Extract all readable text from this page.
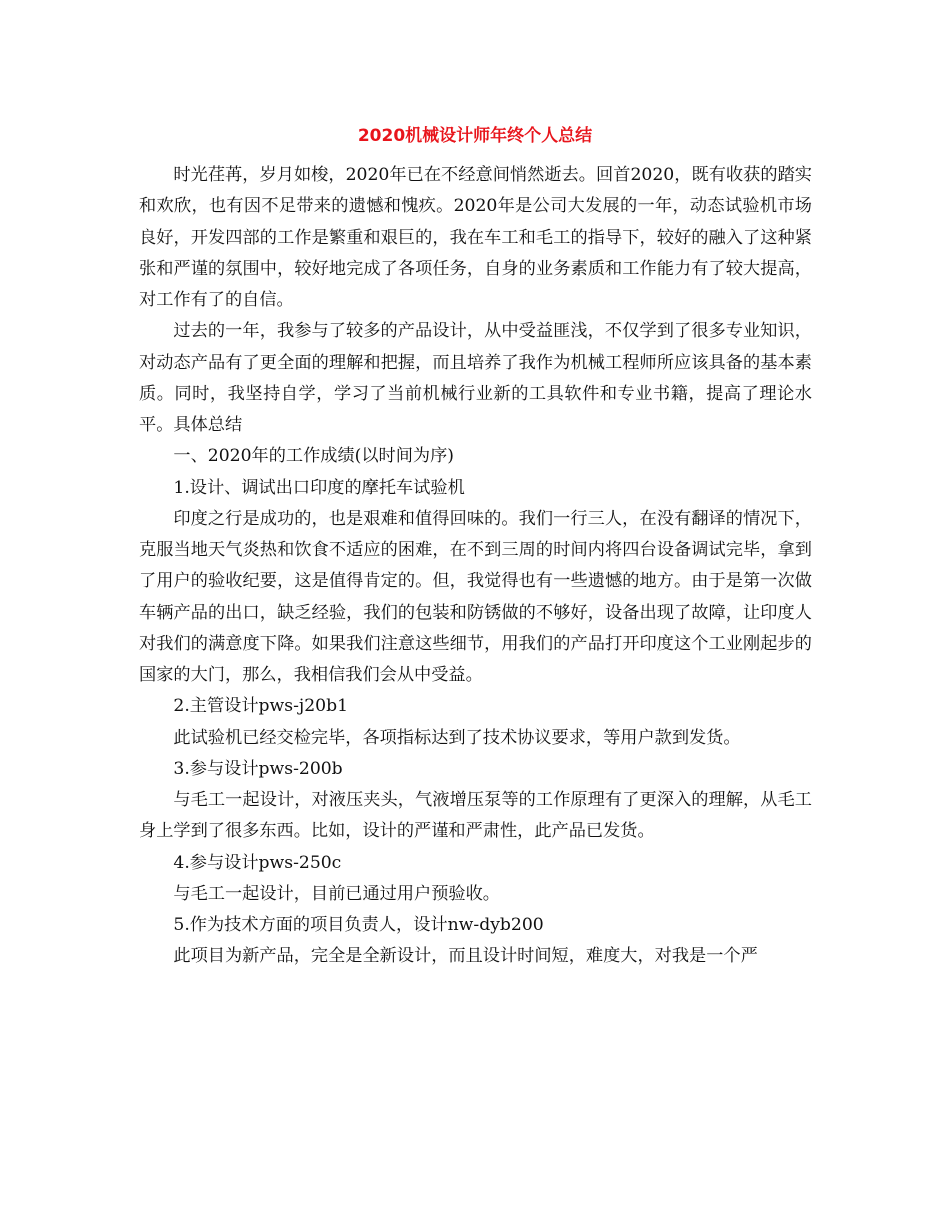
2020机械设计师年终个人总结

时光荏苒，岁月如梭，2020年已在不经意间悄然逝去。回首2020，既有收获的踏实和欢欣，也有因不足带来的遗憾和愧疚。2020年是公司大发展的一年，动态试验机市场良好，开发四部的工作是繁重和艰巨的，我在车工和毛工的指导下，较好的融入了这种紧张和严谨的氛围中，较好地完成了各项任务，自身的业务素质和工作能力有了较大提高，对工作有了的自信。

过去的一年，我参与了较多的产品设计，从中受益匪浅，不仅学到了很多专业知识，对动态产品有了更全面的理解和把握，而且培养了我作为机械工程师所应该具备的基本素质。同时，我坚持自学，学习了当前机械行业新的工具软件和专业书籍，提高了理论水平。具体总结

一、2020年的工作成绩(以时间为序)

1.设计、调试出口印度的摩托车试验机

印度之行是成功的，也是艰难和值得回味的。我们一行三人，在没有翻译的情况下，克服当地天气炎热和饮食不适应的困难，在不到三周的时间内将四台设备调试完毕，拿到了用户的验收纪要，这是值得肯定的。但，我觉得也有一些遗憾的地方。由于是第一次做车辆产品的出口，缺乏经验，我们的包装和防锈做的不够好，设备出现了故障，让印度人对我们的满意度下降。如果我们注意这些细节，用我们的产品打开印度这个工业刚起步的国家的大门，那么，我相信我们会从中受益。

2.主管设计pws-j20b1

此试验机已经交检完毕，各项指标达到了技术协议要求，等用户款到发货。

3.参与设计pws-200b

与毛工一起设计，对液压夹头，气液增压泵等的工作原理有了更深入的理解，从毛工身上学到了很多东西。比如，设计的严谨和严肃性，此产品已发货。

4.参与设计pws-250c

与毛工一起设计，目前已通过用户预验收。

5.作为技术方面的项目负责人，设计nw-dyb200

此项目为新产品，完全是全新设计，而且设计时间短，难度大，对我是一个严
